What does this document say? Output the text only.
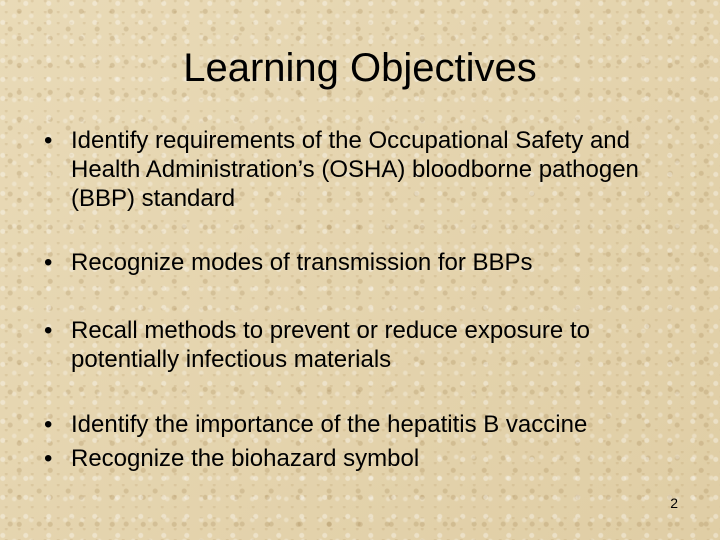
Learning Objectives
• Identify requirements of the Occupational Safety and Health Administration’s (OSHA) bloodborne pathogen (BBP) standard
• Recognize modes of transmission for BBPs
• Recall methods to prevent or reduce exposure to potentially infectious materials
• Identify the importance of the hepatitis B vaccine
• Recognize the biohazard symbol
2
